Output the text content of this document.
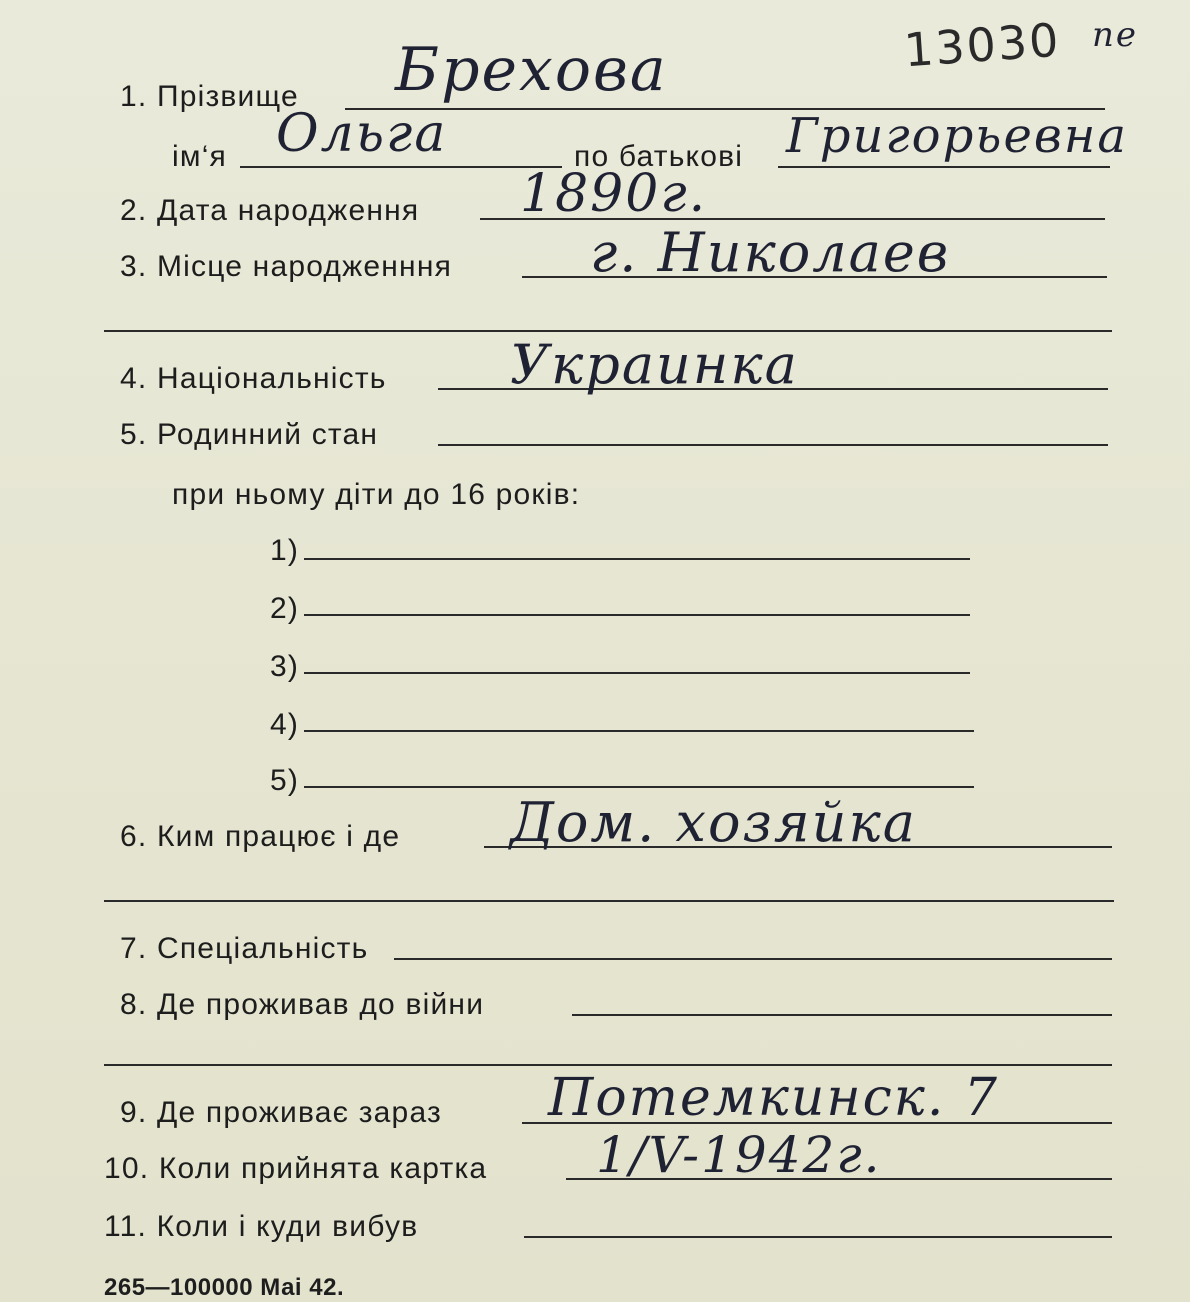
13030 пе
1. Прізвище Брехова
ім‘я Ольга	по батькові Григорьевна
2. Дата народження 1890г.
3. Місце народженння	г. Николаев
4. Національність Украинка
5. Родинний стан
при ньому діти до 16 років:
1)
2)
3)
4)
5)
6. Ким працює і де Дом. хозяйка
7. Спеціальність
8. Де проживав до війни
9. Де проживає зараз Потемкинск. 7
10. Коли прийнята картка 1/V-1942г.
11. Коли і куди вибув
265—100000 Маі 42.
